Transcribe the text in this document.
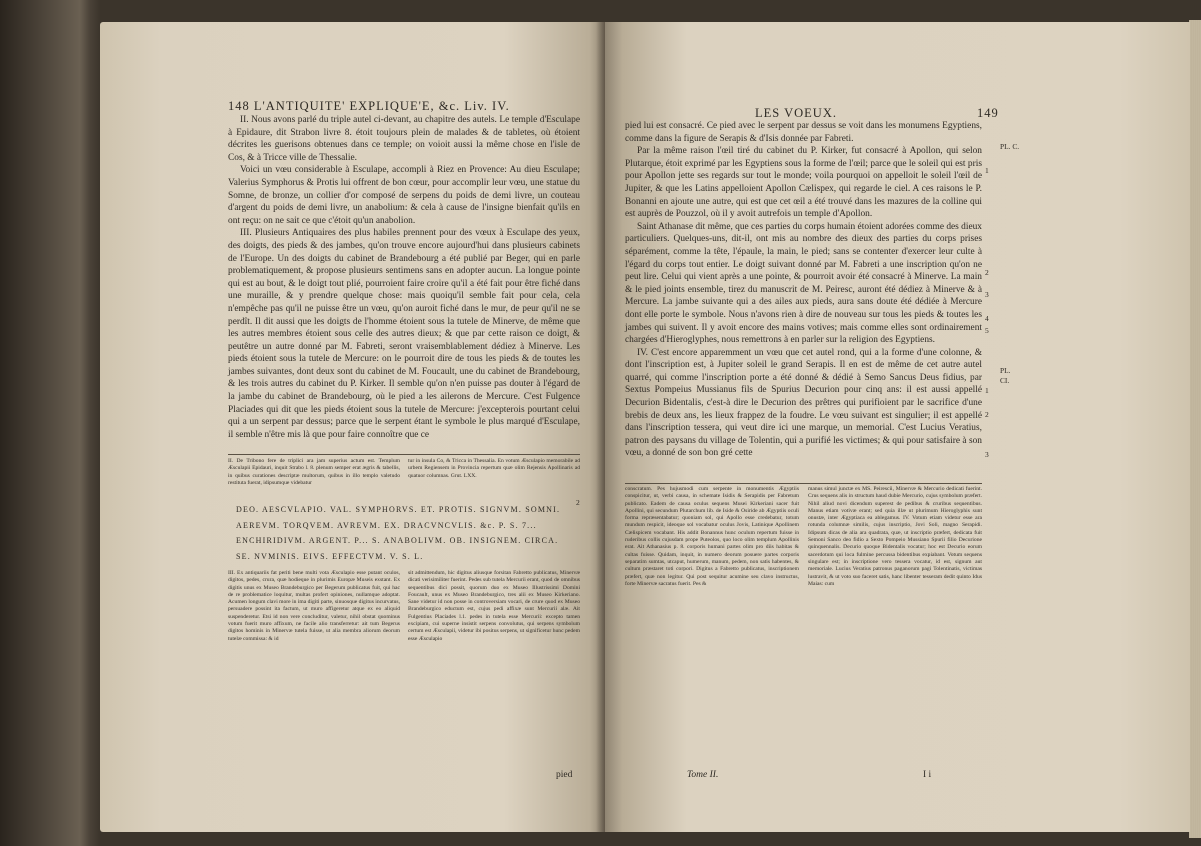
148 L'ANTIQUITE' EXPLIQUE'E, &c. Liv. IV.

II. Nous avons parlé du triple autel ci-devant, au chapitre des autels. Le temple d'Esculape à Epidaure, dit Strabon livre 8. étoit toujours plein de malades & de tabletes, où étoient décrites les guerisons obtenues dans ce temple; on voioit aussi la même chose en l'isle de Cos, & à Tricce ville de Thessalie.

Voici un vœu considerable à Esculape, accompli à Riez en Provence: Au dieu Esculape; Valerius Symphorus & Protis lui offrent de bon cœur, pour accomplir leur vœu, une statue du Somne, de bronze, un collier d'or composé de serpens du poids de demi livre, un couteau d'argent du poids de demi livre, un anabolium: & cela à cause de l'insigne bienfait qu'ils en ont reçu: on ne sait ce que c'étoit qu'un anabolion.

III. Plusieurs Antiquaires des plus habiles prennent pour des vœux à Esculape des yeux, des doigts, des pieds & des jambes, qu'on trouve encore aujourd'hui dans plusieurs cabinets de l'Europe. Un des doigts du cabinet de Brandebourg a été publié par Beger, qui en parle problematiquement, & propose plusieurs sentimens sans en adopter aucun. La longue pointe qui est au bout, & le doigt tout plié, pourroient faire croire qu'il a été fait pour être fiché dans une muraille, & y prendre quelque chose: mais quoiqu'il semble fait pour cela, cela n'empêche pas qu'il ne puisse être un vœu, qu'on auroit fiché dans le mur, de peur qu'il ne se perdît. Il dit aussi que les doigts de l'homme étoient sous la tutele de Minerve, de même que les autres membres étoient sous celle des autres dieux; & que par cette raison ce doigt, & peutêtre un autre donné par M. Fabreti, seront vraisemblablement dédiez à Minerve. Les pieds étoient sous la tutele de Mercure: on le pourroit dire de tous les pieds & de toutes les jambes suivantes, dont deux sont du cabinet de M. Foucault, une du cabinet de Brandebourg, & les trois autres du cabinet du P. Kirker. Il semble qu'on n'en puisse pas douter à l'égard de la jambe du cabinet de Brandebourg, où le pied a les ailerons de Mercure. C'est Fulgence Placiades qui dit que les pieds étoient sous la tutele de Mercure: j'excepterois pourtant celui qui a un serpent par dessus; parce que le serpent étant le symbole le plus marqué d'Esculape, il semble n'être mis là que pour faire connoître que ce

II. De Tribono fere de triplici ara jam superius actum est. Templum Æsculapii Epidauri, inquit Strabo l. 8. plenum semper erat ægris & tabellis, in quibus curationes descriptæ multorum, quibus in illo templo valetudo restituta fuerat, idipsumque videbatur

tur in insula Co, & Tricca in Thessalia. En votum Æsculapio memorabile ad urbem Regiensem in Provincia repertum quæ olim Rejensis Apollinaris ad quatuor columnas. Grut. LXX.

DEO. AESCVLAPIO. VAL. SYMPHORVS. ET. PROTIS. SIGNVM. SOMNI.
AEREVM. TORQVEM. AVREVM. EX. DRACVNCVLIS. &c. P. S. 7...
ENCHIRIDIVM. ARGENT. P... S. ANABOLIVM. OB. INSIGNEM. CIRCA.
SE. NVMINIS. EIVS. EFFECTVM. V. S. L.
2

III. Ex antiquariis fat periti bene multi vota Æsculapio esse putant oculos, digitos, pedes, crura, quæ hodieque in plurimis Europæ Museis exstant. Ex digitis unus ex Museo Brandeburgico per Begerum publicatus fuit, qui hac de re problematice loquitur, multas profert opiniones, nullamque adoptat. Acumen longum clavi more in ima digiti parte, sinuosque digitus incurvatus, persuadere possint ita factum, ut muro affigeretur atque ex eo aliquid suspenderetur. Etsi id non vere concluditur, valetur, nihil obstat quominus votum fuerit muro affixum, ne facile alio transferretur: ait tum Begerus digitos hominis in Minervæ tutela fuisse, ut alia membra aliorum deorum tutelæ commissa: & id

sit admittendum, hic digitus aliusque forsitan Fabretto publicatus, Minervæ dicati verisimiliter fuerint. Pedes sub tutela Mercurii erant, quod de omnibus sequentibus dici possit, quorum duo ex Museo Illustrissimi Domini Foucault, unus ex Museo Brandeburgico, tres alii ex Museo Kirkeriano. Sane videtur id non posse in controversiam vocari, de crure quod ex Museo Brandeburgico eductum est, cujus pedi affixæ sunt Mercurii alæ. Ait Fulgentius Placiades l.1. pedes in tutela esse Mercurii: excepto tamen excipiam, cui superne insistit serpens convolutus, qui serpens symbolum certum est Æsculapii, videtur ibi positus serpens, ut significetur hunc pedem esse Æsculapio

pied
LES VOEUX.	149

pied lui est consacré. Ce pied avec le serpent par dessus se voit dans les monumens Egyptiens, comme dans la figure de Serapis & d'Isis donnée par Fabreti.

Par la même raison l'œil tiré du cabinet du P. Kirker, fut consacré à Apollon, qui selon Plutarque, étoit exprimé par les Egyptiens sous la forme de l'œil; parce que le soleil qui est pris pour Apollon jette ses regards sur tout le monde; voila pourquoi on appelloit le soleil l'œil de Jupiter, & que les Latins appelloient Apollon Cælispex, qui regarde le ciel. A ces raisons le P. Bonanni en ajoute une autre, qui est que cet œil a été trouvé dans les mazures de la colline qui est auprès de Pouzzol, où il y avoit autrefois un temple d'Apollon.

Saint Athanase dit même, que ces parties du corps humain étoient adorées comme des dieux particuliers. Quelques-uns, dit-il, ont mis au nombre des dieux des parties du corps prises séparément, comme la tête, l'épaule, la main, le pied; sans se contenter d'exercer leur culte à l'égard du corps tout entier. Le doigt suivant donné par M. Fabreti a une inscription qu'on ne peut lire. Celui qui vient après a une pointe, & pourroit avoir été consacré à Minerve. La main & le pied joints ensemble, tirez du manuscrit de M. Peiresc, auront été dédiez à Minerve & à Mercure. La jambe suivante qui a des ailes aux pieds, aura sans doute été dédiée à Mercure dont elle porte le symbole. Nous n'avons rien à dire de nouveau sur tous les pieds & toutes les jambes qui suivent. Il y avoit encore des mains votives; mais comme elles sont ordinairement chargées d'Hieroglyphes, nous remettrons à en parler sur la religion des Egyptiens.

IV. C'est encore apparemment un vœu que cet autel rond, qui a la forme d'une colonne, & dont l'inscription est, à Jupiter soleil le grand Serapis. Il en est de même de cet autre autel quarré, qui comme l'inscription porte a été donné & dédié à Semo Sancus Deus fidius, par Sextus Pompeius Mussianus fils de Spurius Decurion pour cinq ans: il est aussi appellé Decurion Bidentalis, c'est-à dire le Decurion des prêtres qui purifioient par le sacrifice d'une brebis de deux ans, les lieux frappez de la foudre. Le vœu suivant est singulier; il est appellé dans l'inscription tessera, qui veut dire ici une marque, un memorial. C'est Lucius Veratius, patron des paysans du village de Tolentin, qui a purifié les victimes; & qui pour satisfaire à son vœu, a donné de son bon gré cette

PL. C.
PL. CI.
1
2
3
4
5
1
2
3

conscratum. Pes hujusmodi cum serpente in monumentis Ægyptiis conspicitur, ut, verbi causa, in schemate Isidis & Serapidis per Fabretum publicato. Eadem de causa oculus sequens Musei Kirkeriani sacer fuit Apollini, qui secundum Plutarchum lib. de Iside & Osiride ab Ægyptiis oculi forma repræsentabatur; quoniam sol, qui Apollo esse credebatur, totum mundum respicit, ideoque sol vocabatur oculus Jovis, Latinique Apollinem Cælispicem vocabant. His addit Bonannus hunc oculum repertum fuisse in ruderibus collis cujusdam prope Puteolos, quo loco olim templum Apollinis erat. Ait Athanasius p. 8. corporis humani partes olim pro diis habitas & cultas fuisse. Quidam, inquit, in numero deorum posuere partes corporis separatim sumtas, utcaput, humerum, manum, pedem, non satis habentes, & cultum præstaret toti corpori. Digitus a Fabretto publicatus, inscriptionem præfert, quæ non legitur. Qui post sequitur acumine seu clavo instructus, forte Minervæ sacratus fuerit. Pes &

manus simul junctæ ex MS. Peirescii, Minervæ & Mercurio dedicati fuerint. Crus sequens alis in structum haud dubie Mercurio, cujus symbolum præfert. Nihil aliud novi dicendum superest de pedibus & cruribus sequentibus. Manus etiam votivæ erant; sed quia illæ ut plurimum Hieroglyphis sunt onustæ, inter Ægyptiaca ea ablegamus. IV. Votum etiam videtur esse ara rotunda columnæ similis, cujus inscriptio, Jovi Soli, magno Serapidi. Idipsum dicas de alia ara quadrata, quæ, ut inscriptio præfert, dedicata fuit Semoni Sanco deo fidio a Sexto Pompeio Mussiano Spurii filio Decurione quinquennalis. Decurio quoque Bidentalis vocatur; hoc est Decurio eorum sacerdotum qui loca fulmine percussa bidentibus expiabant. Votum sequens singulare est; in inscriptione vero tessera vocatur, id est, signum aut memoriale. Lucius Veratius patronus paganorum pagi Tolentinatis, victimas lustravit, & ut voto suo faceret satis, hanc libenter tesseram dedit quinto Idus Maias: cum

Tome II.	I i
